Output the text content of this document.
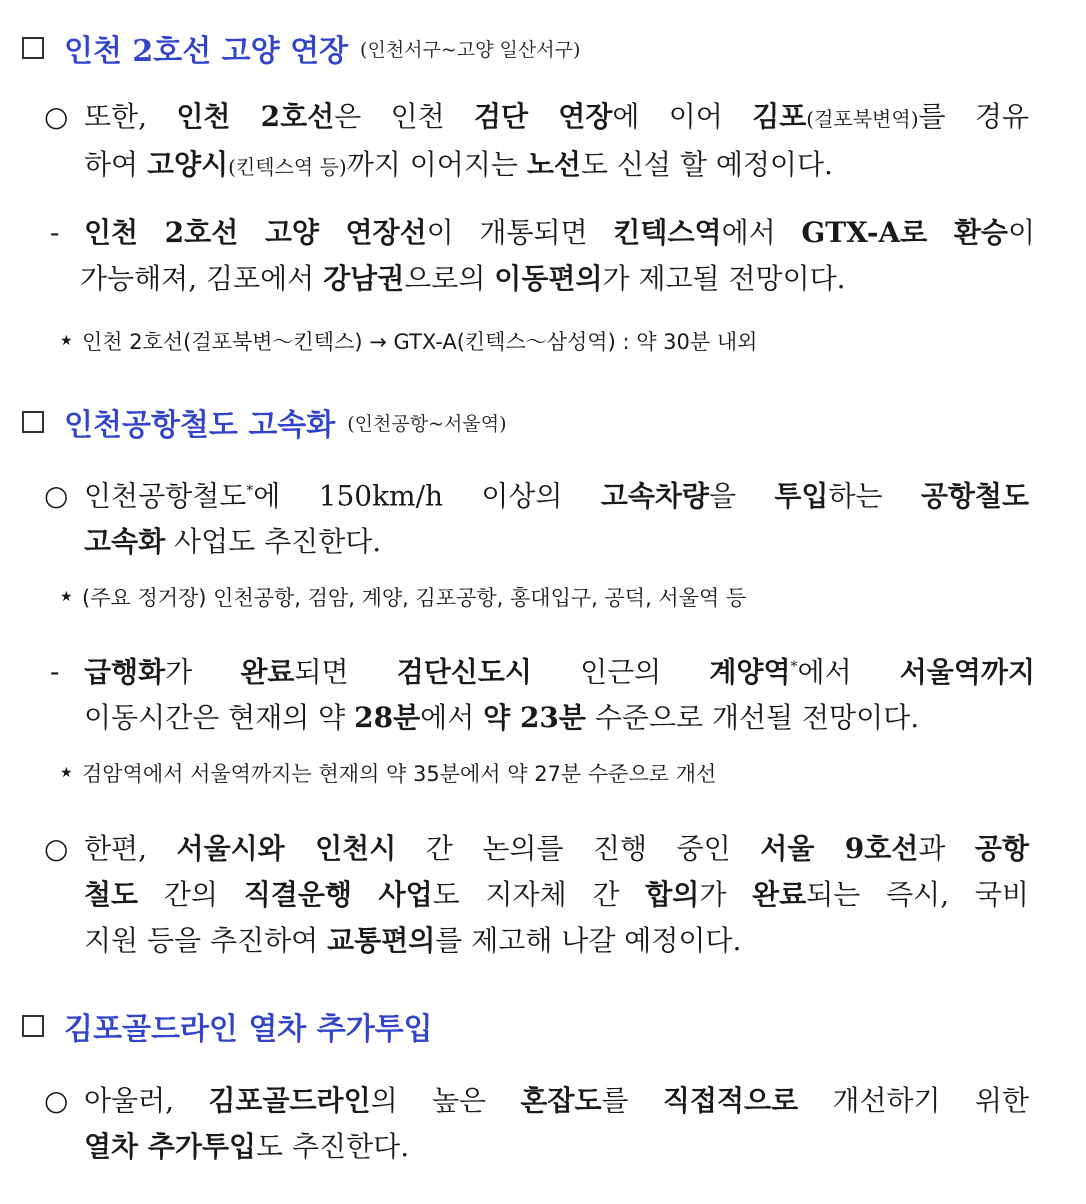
인천 2호선 고양 연장 (인천서구~고양 일산서구)
○ 또한, 인천 2호선은 인천 검단 연장에 이어 김포(걸포북변역)를 경유
하여 고양시(킨텍스역 등)까지 이어지는 노선도 신설 할 예정이다.
- 인천 2호선 고양 연장선이 개통되면 킨텍스역에서 GTX-A로 환승이
가능해져, 김포에서 강남권으로의 이동편의가 제고될 전망이다.
★ 인천 2호선(걸포북변～킨텍스) → GTX-A(킨텍스～삼성역) : 약 30분 내외
인천공항철도 고속화 (인천공항~서울역)
○ 인천공항철도*에 150km/h 이상의 고속차량을 투입하는 공항철도
고속화 사업도 추진한다.
★ (주요 정거장) 인천공항, 검암, 계양, 김포공항, 홍대입구, 공덕, 서울역 등
- 급행화가 완료되면 검단신도시 인근의 계양역*에서 서울역까지
이동시간은 현재의 약 28분에서 약 23분 수준으로 개선될 전망이다.
★ 검암역에서 서울역까지는 현재의 약 35분에서 약 27분 수준으로 개선
○ 한편, 서울시와 인천시 간 논의를 진행 중인 서울 9호선과 공항
철도 간의 직결운행 사업도 지자체 간 합의가 완료되는 즉시, 국비
지원 등을 추진하여 교통편의를 제고해 나갈 예정이다.
김포골드라인 열차 추가투입
○ 아울러, 김포골드라인의 높은 혼잡도를 직접적으로 개선하기 위한
열차 추가투입도 추진한다.
